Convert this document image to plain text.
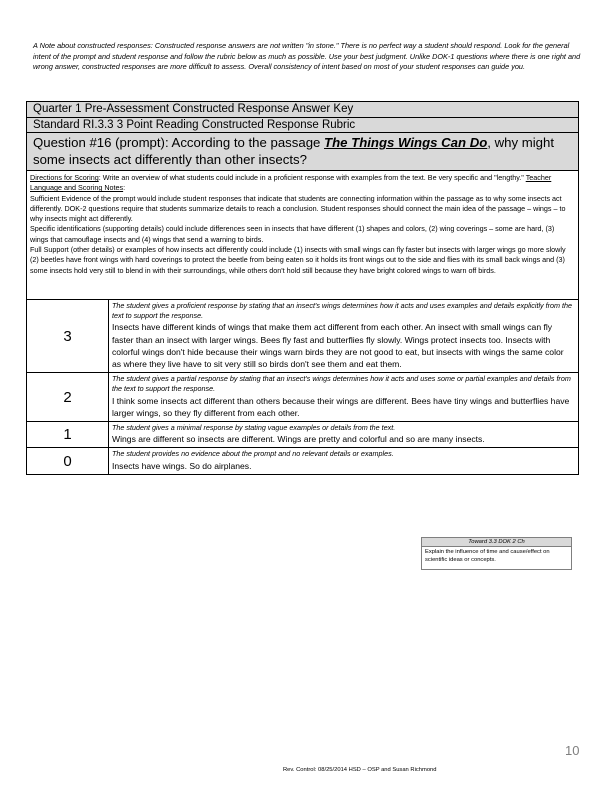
A Note about constructed responses: Constructed response answers are not written "in stone." There is no perfect way a student should respond. Look for the general intent of the prompt and student response and follow the rubric below as much as possible. Use your best judgment. Unlike DOK-1 questions where there is one right and wrong answer, constructed responses are more difficult to assess. Overall consistency of intent based on most of your student responses can guide you.
Quarter 1 Pre-Assessment Constructed Response Answer Key	
Standard RI.3.3 3 Point Reading Constructed Response Rubric	
Question #16 (prompt): According to the passage The Things Wings Can Do, why might some insects act differently than other insects?	

Directions for Scoring: Write an overview of what students could include in a proficient response with examples from the text. Be very specific and "lengthy." Teacher Language and Scoring Notes:

Sufficient Evidence of the prompt would include student responses that indicate that students are connecting information within the passage as to why some insects act differently. DOK-2 questions require that students summarize details to reach a conclusion. Student responses should connect the main idea of the passage – wings – to why insects might act differently.

Specific identifications (supporting details) could include differences seen in insects that have different (1) shapes and colors, (2) wing coverings – some are hard, (3) wings that camouflage insects and (4) wings that send a warning to birds.

Full Support (other details) or examples of how insects act differently could include (1) insects with small wings can fly faster but insects with larger wings go more slowly (2) beetles have front wings with hard coverings to protect the beetle from being eaten so it holds its front wings out to the side and flies with its small back wings and (3) some insects hold very still to blend in with their surroundings, while others don't hold still because they have bright colored wings to warn off birds.	

3	The student gives a proficient response by stating that an insect's wings determines how it acts and uses examples and details explicitly from the text to support the response.
Insects have different kinds of wings that make them act different from each other. An insect with small wings can fly faster than an insect with larger wings. Bees fly fast and butterflies fly slowly. Wings protect insects too. Insects with colorful wings don't hide because their wings warn birds they are not good to eat, but insects with wings the same color as where they live have to sit very still so birds don't see them and eat them.

2	The student gives a partial response by stating that an insect's wings determines how it acts and uses some or partial examples and details from the text to support the response.
I think some insects act different than others because their wings are different. Bees have tiny wings and butterflies have larger wings, so they fly different from each other.

1	The student gives a minimal response by stating vague examples or details from the text.
Wings are different so insects are different. Wings are pretty and colorful and so are many insects.

0	The student provides no evidence about the prompt and no relevant details or examples.
Insects have wings. So do airplanes.
Toward 3.3 DOK 2 Ch
Explain the influence of time and cause/effect on scientific ideas or concepts.
10
Rev. Control: 08/25/2014 HSD – OSP and Susan Richmond
